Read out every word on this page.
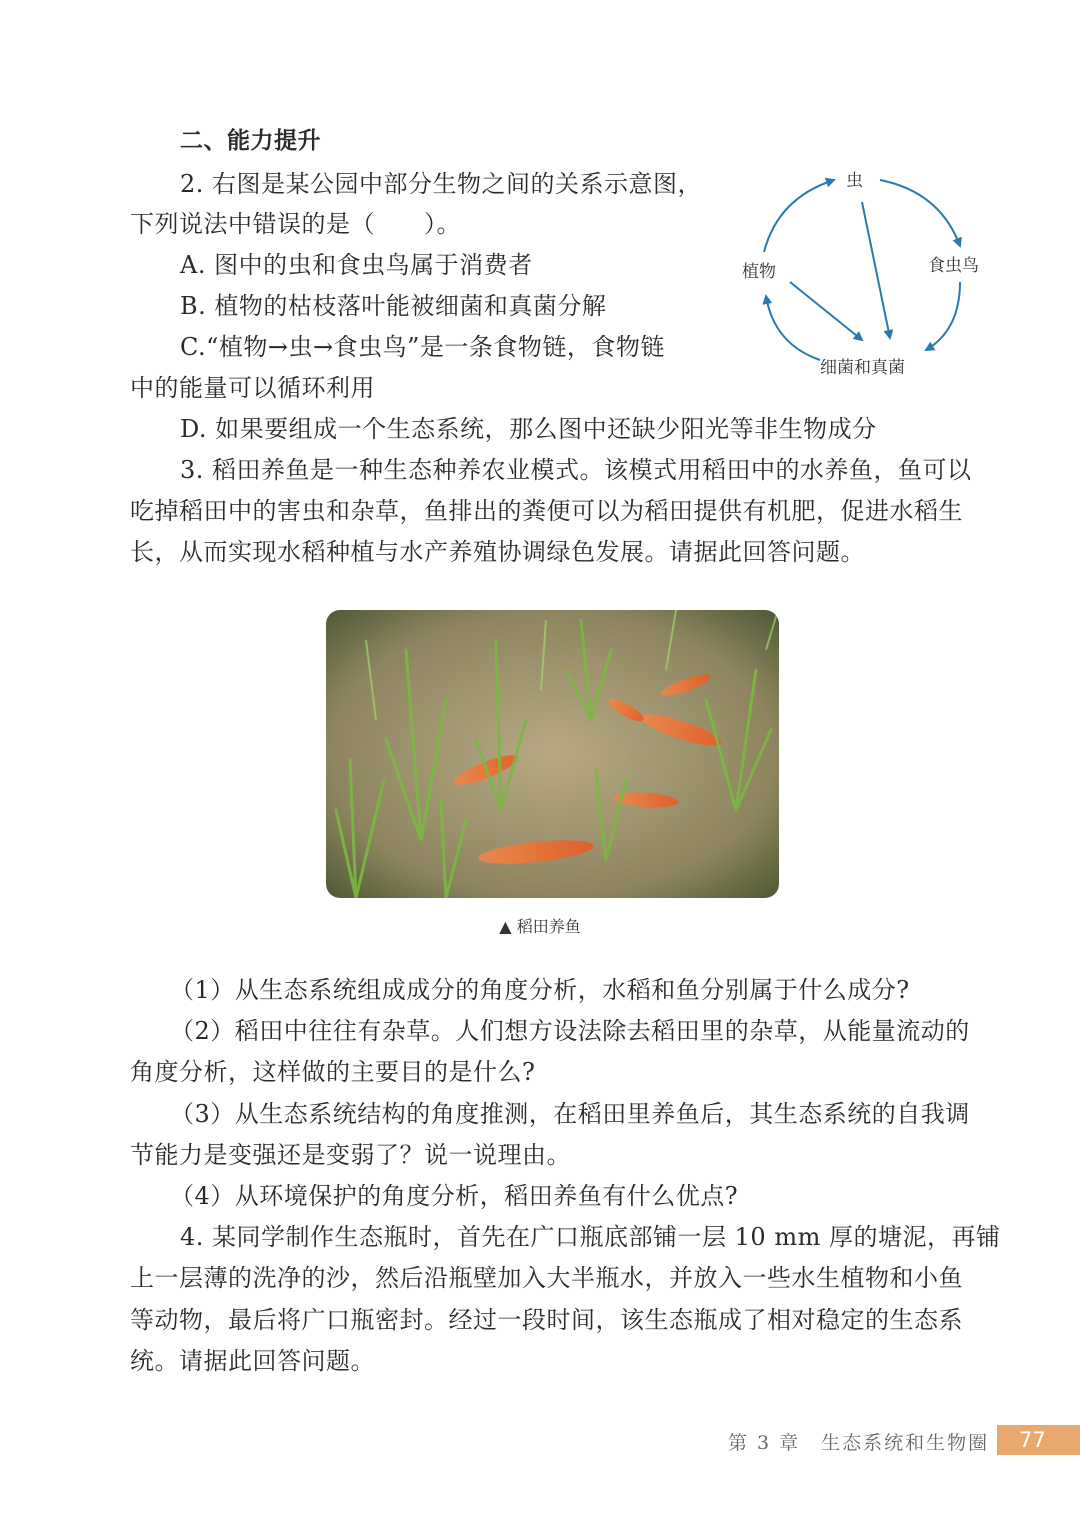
二、能力提升
2. 右图是某公园中部分生物之间的关系示意图，
下列说法中错误的是（　　）。
A. 图中的虫和食虫鸟属于消费者
B. 植物的枯枝落叶能被细菌和真菌分解
C.“植物→虫→食虫鸟”是一条食物链，食物链
中的能量可以循环利用
D. 如果要组成一个生态系统，那么图中还缺少阳光等非生物成分
虫
植物	食虫鸟
细菌和真菌
3. 稻田养鱼是一种生态种养农业模式。该模式用稻田中的水养鱼，鱼可以
吃掉稻田中的害虫和杂草，鱼排出的粪便可以为稻田提供有机肥，促进水稻生
长，从而实现水稻种植与水产养殖协调绿色发展。请据此回答问题。
▲ 稻田养鱼
（1）从生态系统组成成分的角度分析，水稻和鱼分别属于什么成分?
（2）稻田中往往有杂草。人们想方设法除去稻田里的杂草，从能量流动的
角度分析，这样做的主要目的是什么?
（3）从生态系统结构的角度推测，在稻田里养鱼后，其生态系统的自我调
节能力是变强还是变弱了？说一说理由。
（4）从环境保护的角度分析，稻田养鱼有什么优点?
4. 某同学制作生态瓶时，首先在广口瓶底部铺一层 10 mm 厚的塘泥，再铺
上一层薄的洗净的沙，然后沿瓶壁加入大半瓶水，并放入一些水生植物和小鱼
等动物，最后将广口瓶密封。经过一段时间，该生态瓶成了相对稳定的生态系
统。请据此回答问题。
第 3 章　生态系统和生物圈	77
